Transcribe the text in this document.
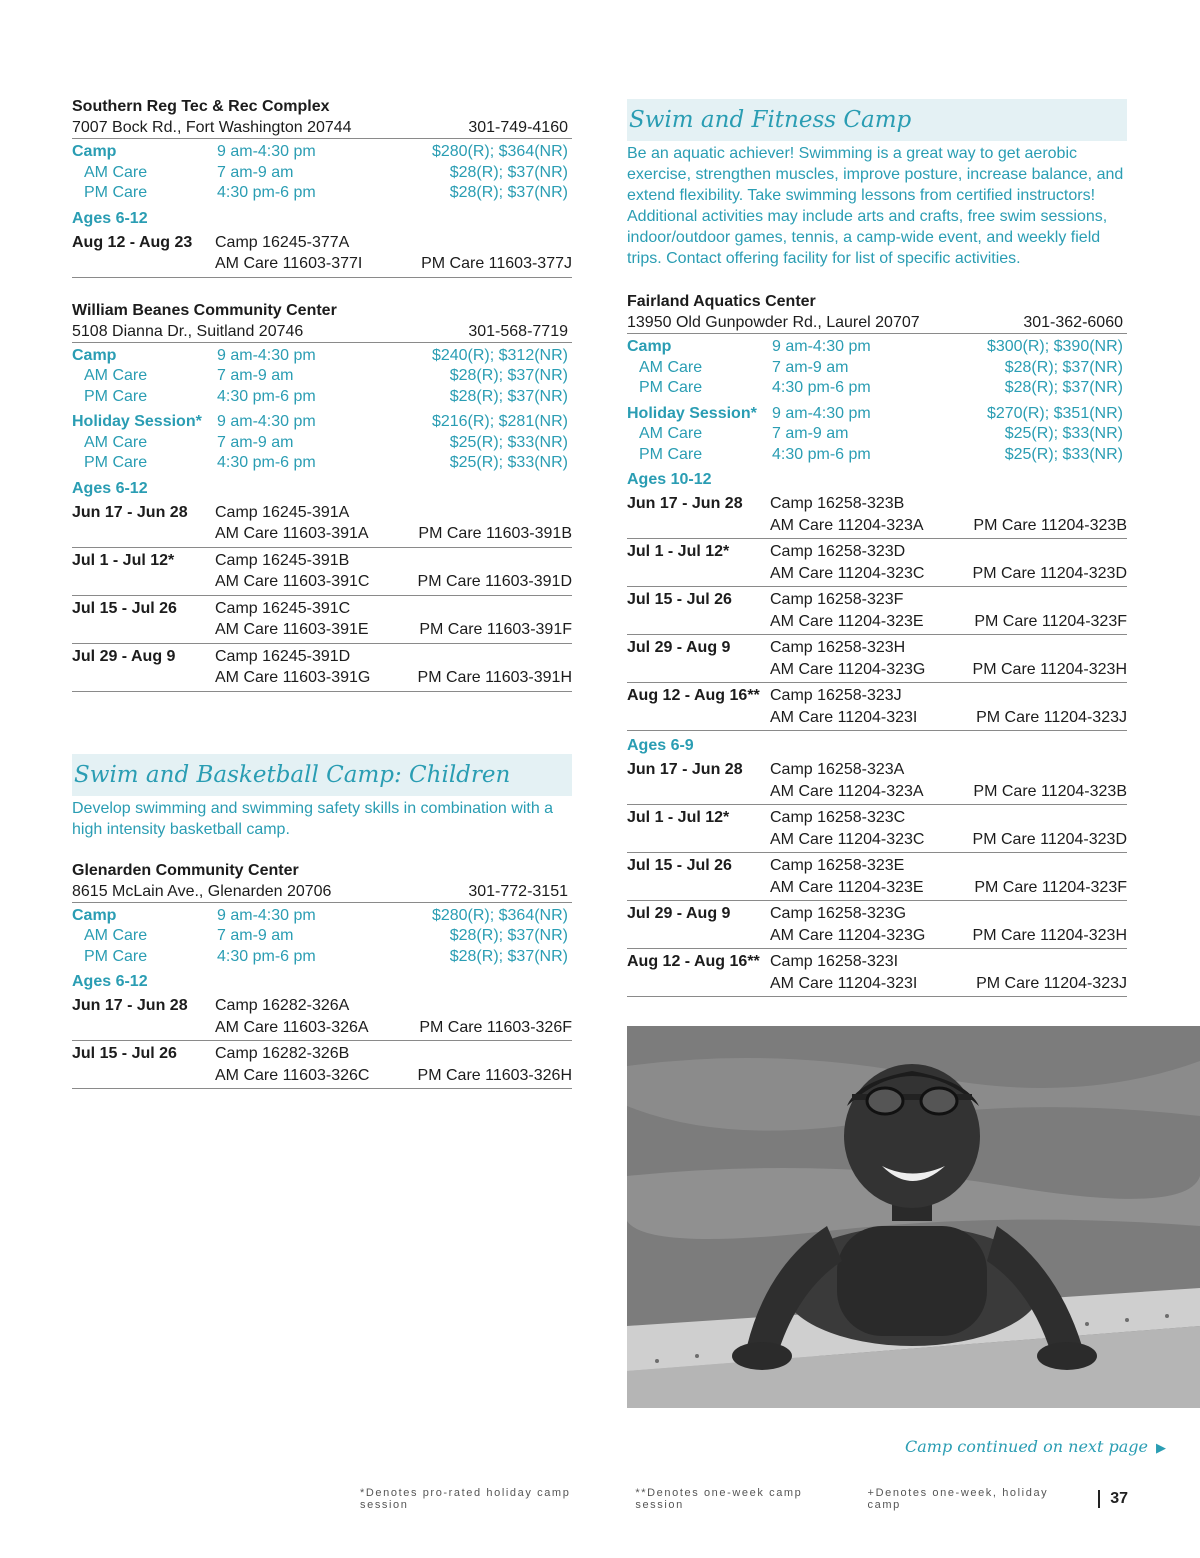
Southern Reg Tec & Rec Complex
7007 Bock Rd., Fort Washington 20744	301-749-4160
Camp	9 am-4:30 pm	$280(R); $364(NR)
AM Care	7 am-9 am	$28(R); $37(NR)
PM Care	4:30 pm-6 pm	$28(R); $37(NR)
Ages 6-12
Aug 12 - Aug 23	Camp 16245-377A
AM Care 11603-377I	PM Care 11603-377J
William Beanes Community Center
5108 Dianna Dr., Suitland 20746	301-568-7719
Camp	9 am-4:30 pm	$240(R); $312(NR)
AM Care	7 am-9 am	$28(R); $37(NR)
PM Care	4:30 pm-6 pm	$28(R); $37(NR)
Holiday Session* 9 am-4:30 pm	$216(R); $281(NR)
AM Care	7 am-9 am	$25(R); $33(NR)
PM Care	4:30 pm-6 pm	$25(R); $33(NR)
Ages 6-12
Jun 17 - Jun 28	Camp 16245-391A
AM Care 11603-391A	PM Care 11603-391B
Jul 1 - Jul 12*	Camp 16245-391B
AM Care 11603-391C	PM Care 11603-391D
Jul 15 - Jul 26	Camp 16245-391C
AM Care 11603-391E	PM Care 11603-391F
Jul 29 - Aug 9	Camp 16245-391D
AM Care 11603-391G	PM Care 11603-391H
Swim and Basketball Camp: Children
Develop swimming and swimming safety skills in combination with a high intensity basketball camp.
Glenarden Community Center
8615 McLain Ave., Glenarden 20706	301-772-3151
Camp	9 am-4:30 pm	$280(R); $364(NR)
AM Care	7 am-9 am	$28(R); $37(NR)
PM Care	4:30 pm-6 pm	$28(R); $37(NR)
Ages 6-12
Jun 17 - Jun 28	Camp 16282-326A
AM Care 11603-326A	PM Care 11603-326F
Jul 15 - Jul 26	Camp 16282-326B
AM Care 11603-326C	PM Care 11603-326H
Swim and Fitness Camp
Be an aquatic achiever! Swimming is a great way to get aerobic exercise, strengthen muscles, improve posture, increase balance, and extend flexibility. Take swimming lessons from certified instructors! Additional activities may include arts and crafts, free swim sessions, indoor/outdoor games, tennis, a camp-wide event, and weekly field trips. Contact offering facility for list of specific activities.
Fairland Aquatics Center
13950 Old Gunpowder Rd., Laurel 20707	301-362-6060
Camp	9 am-4:30 pm	$300(R); $390(NR)
AM Care	7 am-9 am	$28(R); $37(NR)
PM Care	4:30 pm-6 pm	$28(R); $37(NR)
Holiday Session* 9 am-4:30 pm	$270(R); $351(NR)
AM Care	7 am-9 am	$25(R); $33(NR)
PM Care	4:30 pm-6 pm	$25(R); $33(NR)
Ages 10-12
Jun 17 - Jun 28	Camp 16258-323B
AM Care 11204-323A	PM Care 11204-323B
Jul 1 - Jul 12*	Camp 16258-323D
AM Care 11204-323C	PM Care 11204-323D
Jul 15 - Jul 26	Camp 16258-323F
AM Care 11204-323E	PM Care 11204-323F
Jul 29 - Aug 9	Camp 16258-323H
AM Care 11204-323G	PM Care 11204-323H
Aug 12 - Aug 16** Camp 16258-323J
AM Care 11204-323I	PM Care 11204-323J
Ages 6-9
Jun 17 - Jun 28	Camp 16258-323A
AM Care 11204-323A	PM Care 11204-323B
Jul 1 - Jul 12*	Camp 16258-323C
AM Care 11204-323C	PM Care 11204-323D
Jul 15 - Jul 26	Camp 16258-323E
AM Care 11204-323E	PM Care 11204-323F
Jul 29 - Aug 9	Camp 16258-323G
AM Care 11204-323G	PM Care 11204-323H
Aug 12 - Aug 16** Camp 16258-323I
AM Care 11204-323I	PM Care 11204-323J
Camp continued on next page ▶
*Denotes pro-rated holiday camp session
**Denotes one-week camp session
+Denotes one-week, holiday camp	37
